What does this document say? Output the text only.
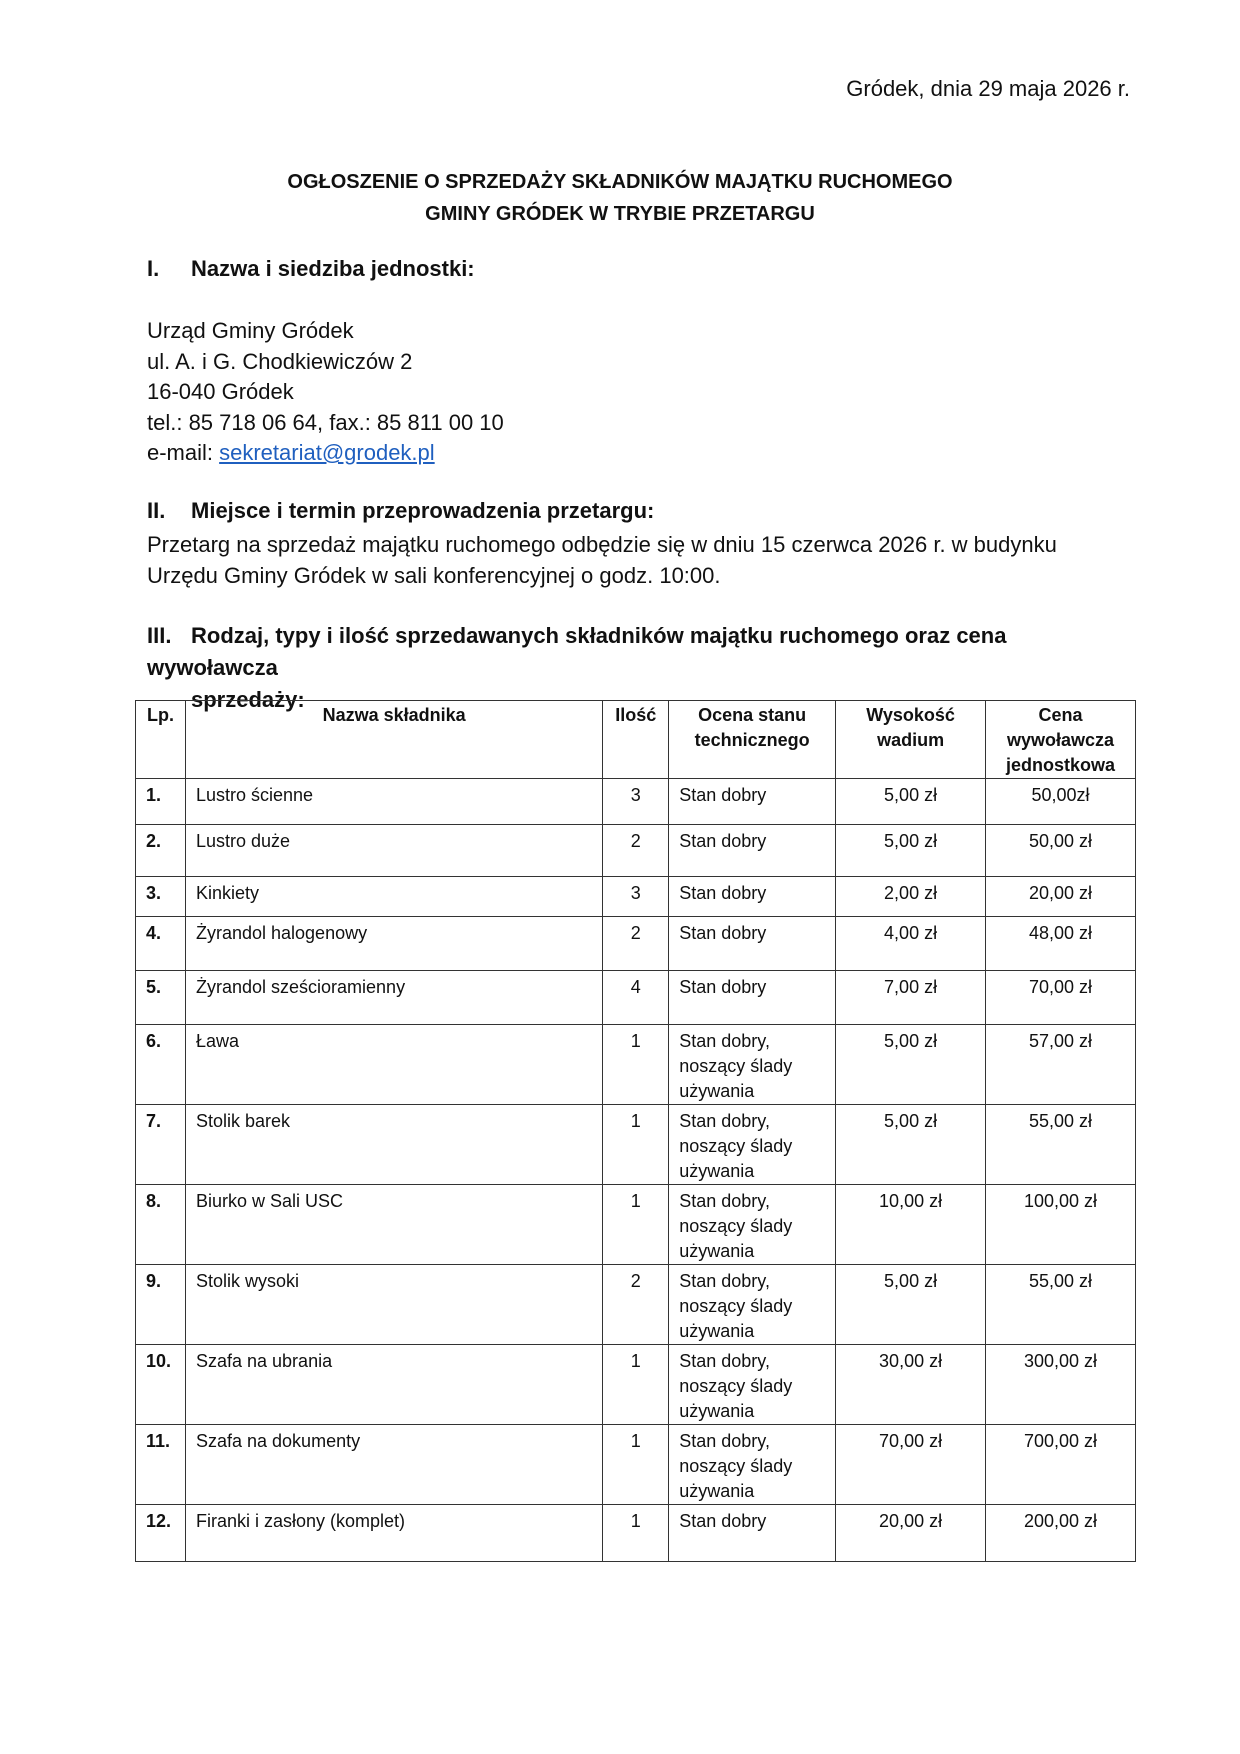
Gródek, dnia 29 maja 2026 r.
OGŁOSZENIE O SPRZEDAŻY SKŁADNIKÓW MAJĄTKU RUCHOMEGO
GMINY GRÓDEK W TRYBIE PRZETARGU
I. Nazwa i siedziba jednostki:
Urząd Gminy Gródek
ul. A. i G. Chodkiewiczów 2
16-040 Gródek
tel.: 85 718 06 64, fax.: 85 811 00 10
e-mail: sekretariat@grodek.pl
II. Miejsce i termin przeprowadzenia przetargu:
Przetarg na sprzedaż majątku ruchomego odbędzie się w dniu 15 czerwca 2026 r. w budynku Urzędu Gminy Gródek w sali konferencyjnej o godz. 10:00.
III. Rodzaj, typy i ilość sprzedawanych składników majątku ruchomego oraz cena wywoławcza
sprzedaży:
Lp.	Nazwa składnika	Ilość	Ocena stanu technicznego	Wysokość wadium	Cena wywoławcza jednostkowa
1.	Lustro ścienne	3	Stan dobry	5,00 zł	50,00zł
2.	Lustro duże	2	Stan dobry	5,00 zł	50,00 zł
3.	Kinkiety	3	Stan dobry	2,00 zł	20,00 zł
4.	Żyrandol halogenowy	2	Stan dobry	4,00 zł	48,00 zł
5.	Żyrandol sześcioramienny	4	Stan dobry	7,00 zł	70,00 zł
6.	Ława	1	Stan dobry, noszący ślady używania	5,00 zł	57,00 zł
7.	Stolik barek	1	Stan dobry, noszący ślady używania	5,00 zł	55,00 zł
8.	Biurko w Sali USC	1	Stan dobry, noszący ślady używania	10,00 zł	100,00 zł
9.	Stolik wysoki	2	Stan dobry, noszący ślady używania	5,00 zł	55,00 zł
10.	Szafa na ubrania	1	Stan dobry, noszący ślady używania	30,00 zł	300,00 zł
11.	Szafa na dokumenty	1	Stan dobry, noszący ślady używania	70,00 zł	700,00 zł
12.	Firanki i zasłony (komplet)	1	Stan dobry	20,00 zł	200,00 zł
